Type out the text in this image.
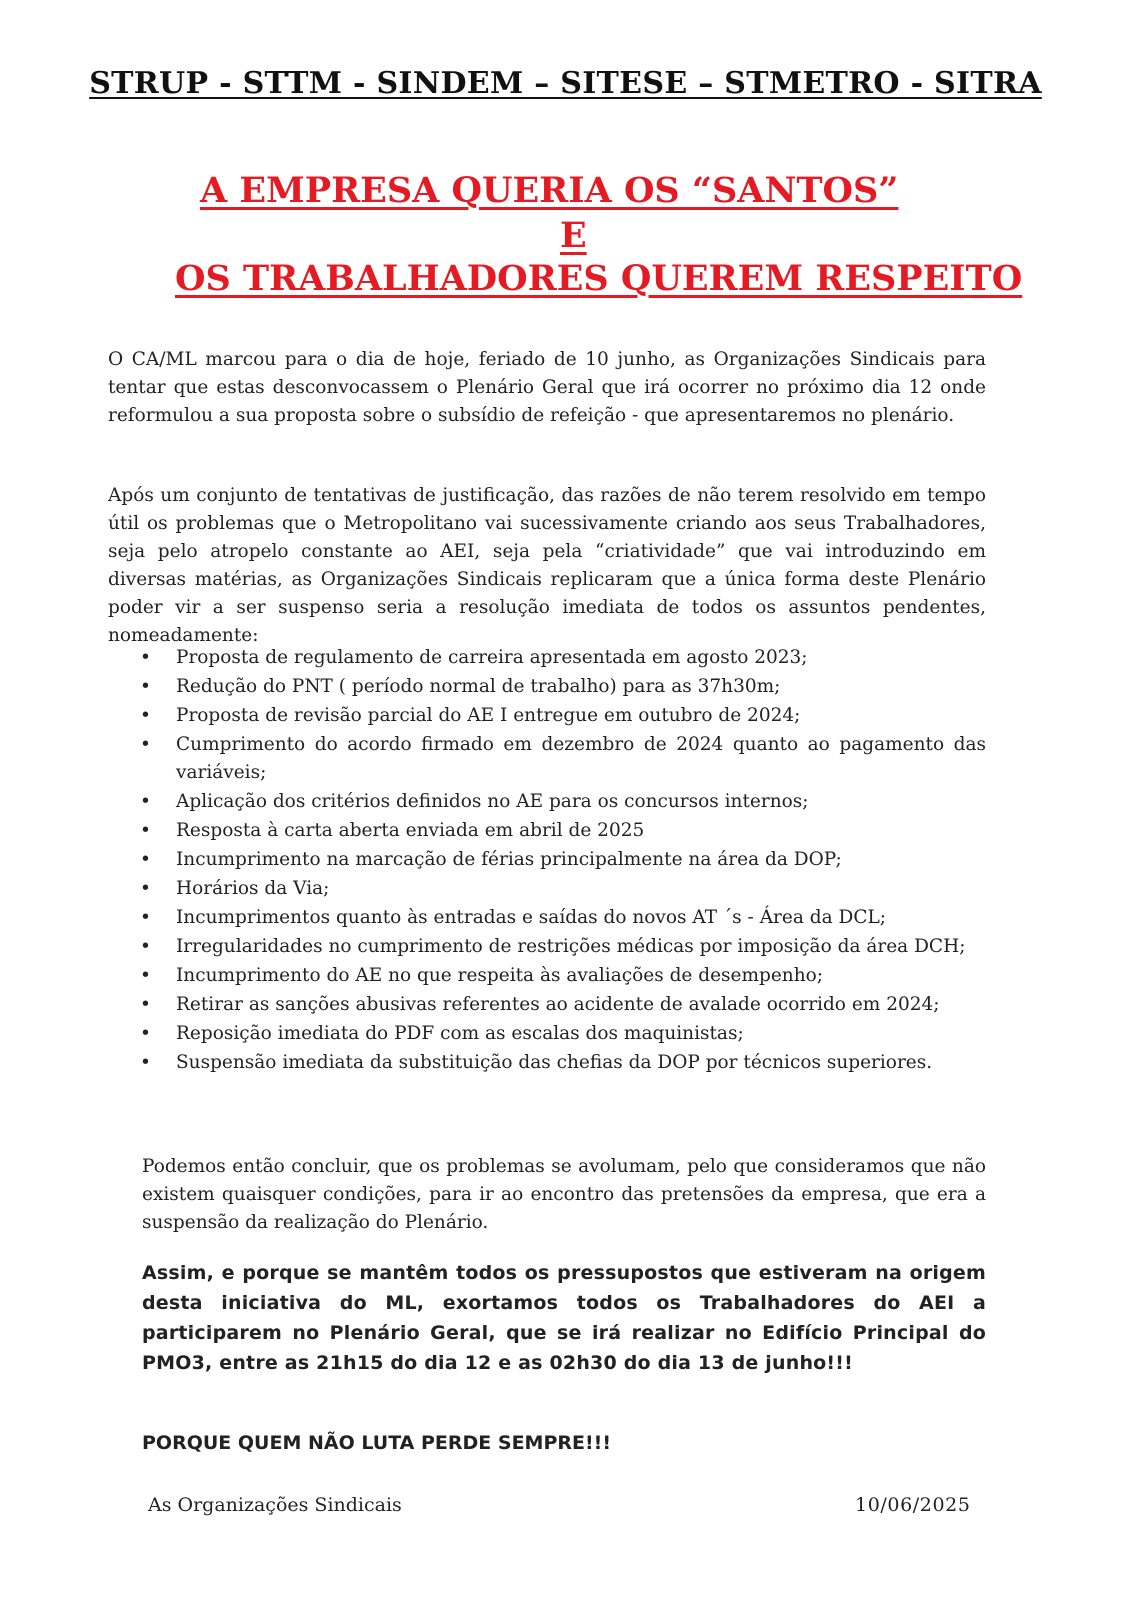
STRUP - STTM - SINDEM – SITESE – STMETRO - SITRA
A EMPRESA QUERIA OS “SANTOS”
E
OS TRABALHADORES QUEREM RESPEITO
O CA/ML marcou para o dia de hoje, feriado de 10 junho, as Organizações Sindicais para tentar que estas desconvocassem o Plenário Geral que irá ocorrer no próximo dia 12 onde reformulou a sua proposta sobre o subsídio de refeição - que apresentaremos no plenário.
Após um conjunto de tentativas de justificação, das razões de não terem resolvido em tempo útil os problemas que o Metropolitano vai sucessivamente criando aos seus Trabalhadores, seja pelo atropelo constante ao AEI, seja pela “criatividade” que vai introduzindo em diversas matérias, as Organizações Sindicais replicaram que a única forma deste Plenário poder vir a ser suspenso seria a resolução imediata de todos os assuntos pendentes, nomeadamente:
• Proposta de regulamento de carreira apresentada em agosto 2023;
• Redução do PNT ( período normal de trabalho) para as 37h30m;
• Proposta de revisão parcial do AE I entregue em outubro de 2024;
• Cumprimento do acordo firmado em dezembro de 2024 quanto ao pagamento das variáveis;
• Aplicação dos critérios definidos no AE para os concursos internos;
• Resposta à carta aberta enviada em abril de 2025
• Incumprimento na marcação de férias principalmente na área da DOP;
• Horários da Via;
• Incumprimentos quanto às entradas e saídas do novos AT ´s - Área da DCL;
• Irregularidades no cumprimento de restrições médicas por imposição da área DCH;
• Incumprimento do AE no que respeita às avaliações de desempenho;
• Retirar as sanções abusivas referentes ao acidente de avalade ocorrido em 2024;
• Reposição imediata do PDF com as escalas dos maquinistas;
• Suspensão imediata da substituição das chefias da DOP por técnicos superiores.
Podemos então concluir, que os problemas se avolumam, pelo que consideramos que não existem quaisquer condições, para ir ao encontro das pretensões da empresa, que era a suspensão da realização do Plenário.
Assim, e porque se mantêm todos os pressupostos que estiveram na origem desta iniciativa do ML, exortamos todos os Trabalhadores do AEI a participarem no Plenário Geral, que se irá realizar no Edifício Principal do PMO3, entre as 21h15 do dia 12 e as 02h30 do dia 13 de junho!!!
PORQUE QUEM NÃO LUTA PERDE SEMPRE!!!
As Organizações Sindicais	10/06/2025
